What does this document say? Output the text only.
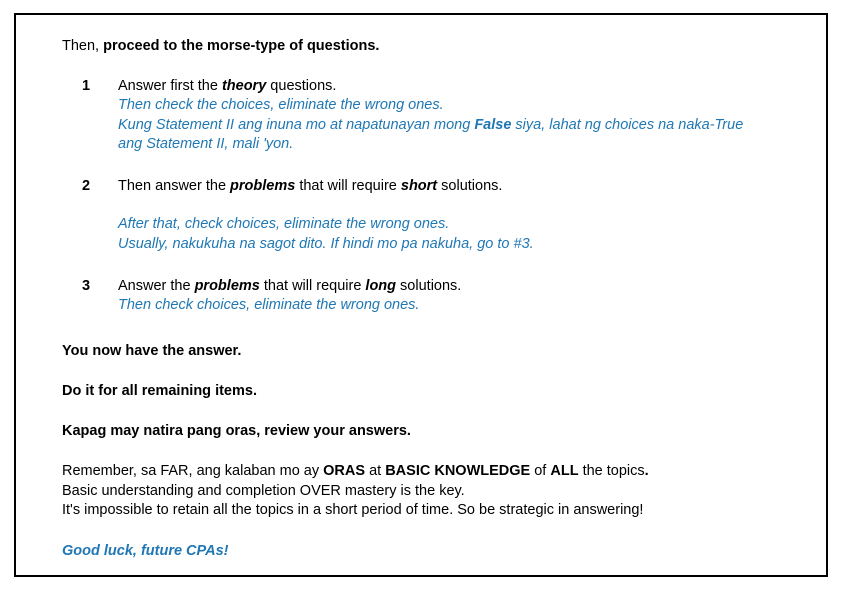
Then, proceed to the morse-type of questions.
1 Answer first the theory questions.
Then check the choices, eliminate the wrong ones.
Kung Statement II ang inuna mo at napatunayan mong False siya, lahat ng choices na naka-True
ang Statement II, mali 'yon.
2 Then answer the problems that will require short solutions.
After that, check choices, eliminate the wrong ones.
Usually, nakukuha na sagot dito. If hindi mo pa nakuha, go to #3.
3 Answer the problems that will require long solutions.
Then check choices, eliminate the wrong ones.
You now have the answer.
Do it for all remaining items.
Kapag may natira pang oras, review your answers.
Remember, sa FAR, ang kalaban mo ay ORAS at BASIC KNOWLEDGE of ALL the topics.
Basic understanding and completion OVER mastery is the key.
It's impossible to retain all the topics in a short period of time. So be strategic in answering!
Good luck, future CPAs!
